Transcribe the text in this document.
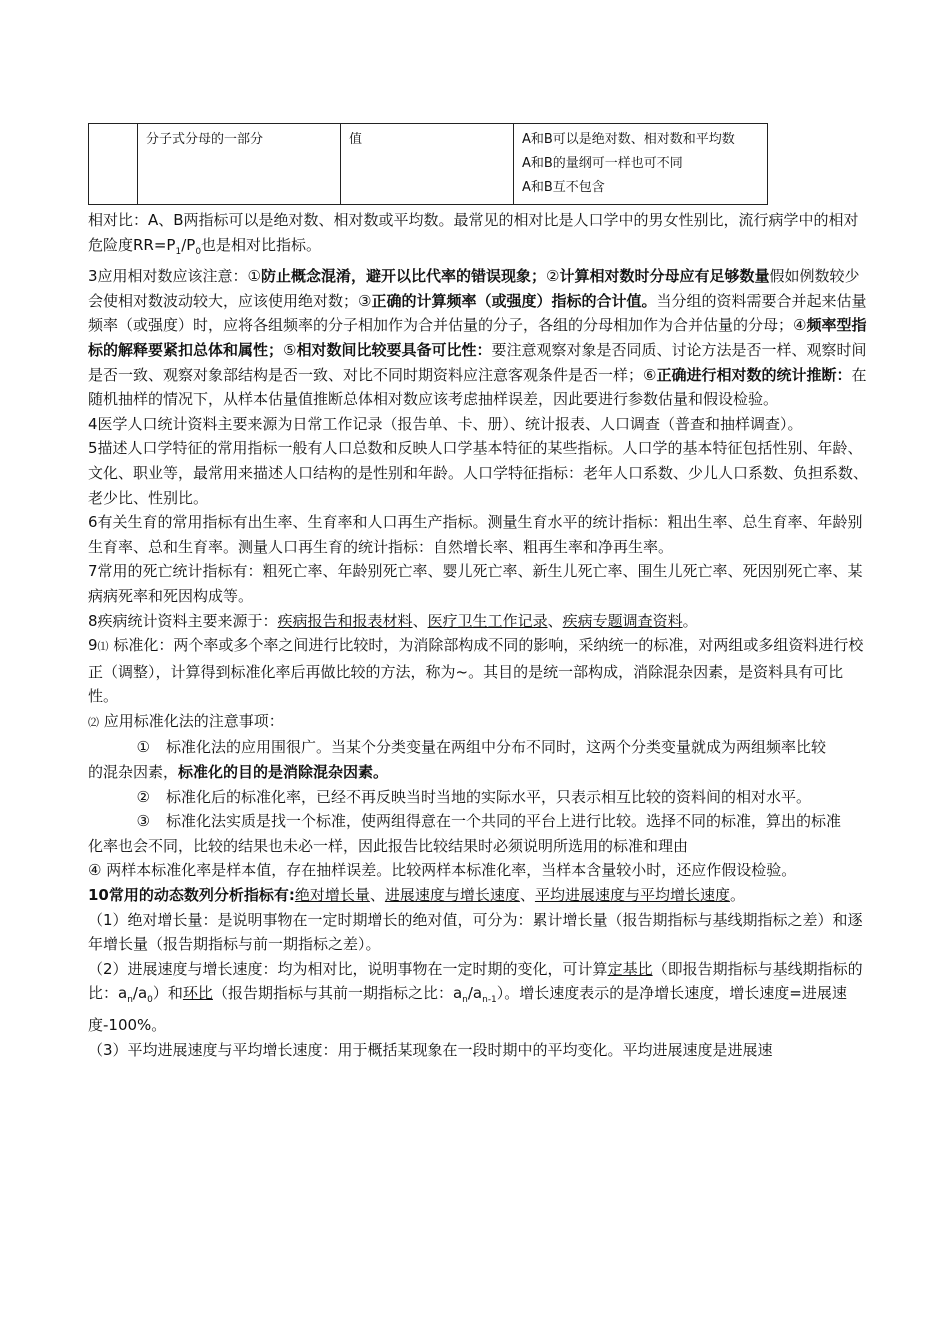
	分子式分母的一部分	值	A和B可以是绝对数、相对数和平均数
A和B的量纲可一样也可不同
A和B互不包含

相对比：A、B两指标可以是绝对数、相对数或平均数。最常见的相对比是人口学中的男女性别比，流行病学中的相对危险度$RR=P_1/P_0$也是相对比指标。

3应用相对数应该注意：①防止概念混淆，避开以比代率的错误现象；②计算相对数时分母应有足够数量假如例数较少会使相对数波动较大，应该使用绝对数；③正确的计算频率（或强度）指标的合计值。当分组的资料需要合并起来估量频率（或强度）时，应将各组频率的分子相加作为合并估量的分子，各组的分母相加作为合并估量的分母；④频率型指标的解释要紧扣总体和属性；⑤相对数间比较要具备可比性：要注意观察对象是否同质、讨论方法是否一样、观察时间是否一致、观察对象部结构是否一致、对比不同时期资料应注意客观条件是否一样；⑥正确进行相对数的统计推断：在随机抽样的情况下，从样本估量值推断总体相对数应该考虑抽样误差，因此要进行参数估量和假设检验。

4医学人口统计资料主要来源为日常工作记录（报告单、卡、册）、统计报表、人口调查（普查和抽样调查）。

5描述人口学特征的常用指标一般有人口总数和反映人口学基本特征的某些指标。人口学的基本特征包括性别、年龄、文化、职业等，最常用来描述人口结构的是性别和年龄。人口学特征指标：老年人口系数、少儿人口系数、负担系数、老少比、性别比。

6有关生育的常用指标有出生率、生育率和人口再生产指标。测量生育水平的统计指标：粗出生率、总生育率、年龄别生育率、总和生育率。测量人口再生育的统计指标：自然增长率、粗再生率和净再生率。

7常用的死亡统计指标有：粗死亡率、年龄别死亡率、婴儿死亡率、新生儿死亡率、围生儿死亡率、死因别死亡率、某病病死率和死因构成等。

8疾病统计资料主要来源于：疾病报告和报表材料、医疗卫生工作记录、疾病专题调查资料。

9⑴ 标准化：两个率或多个率之间进行比较时，为消除部构成不同的影响，采纳统一的标准，对两组或多组资料进行校正（调整），计算得到标准化率后再做比较的方法，称为~。其目的是统一部构成，消除混杂因素，是资料具有可比性。

⑵ 应用标准化法的注意事项：

①	标准化法的应用围很广。当某个分类变量在两组中分布不同时，这两个分类变量就成为两组频率比较

的混杂因素，标准化的目的是消除混杂因素。

②	标准化后的标准化率，已经不再反映当时当地的实际水平，只表示相互比较的资料间的相对水平。
③	标准化法实质是找一个标准，使两组得意在一个共同的平台上进行比较。选择不同的标准，算出的标准

化率也会不同，比较的结果也未必一样，因此报告比较结果时必须说明所选用的标准和理由

④ 两样本标准化率是样本值，存在抽样误差。比较两样本标准化率，当样本含量较小时，还应作假设检验。

10常用的动态数列分析指标有:绝对增长量、进展速度与增长速度、平均进展速度与平均增长速度。

（1）绝对增长量：是说明事物在一定时期增长的绝对值，可分为：累计增长量（报告期指标与基线期指标之差）和逐年增长量（报告期指标与前一期指标之差）。

（2）进展速度与增长速度：均为相对比，说明事物在一定时期的变化，可计算定基比（即报告期指标与基线期指标的比：$a_n/a_0$）和环比（报告期指标与其前一期指标之比：$a_n/a_{n-1}$）。增长速度表示的是净增长速度，增长速度=进展速度-100%。

（3）平均进展速度与平均增长速度：用于概括某现象在一段时期中的平均变化。平均进展速度是进展速
